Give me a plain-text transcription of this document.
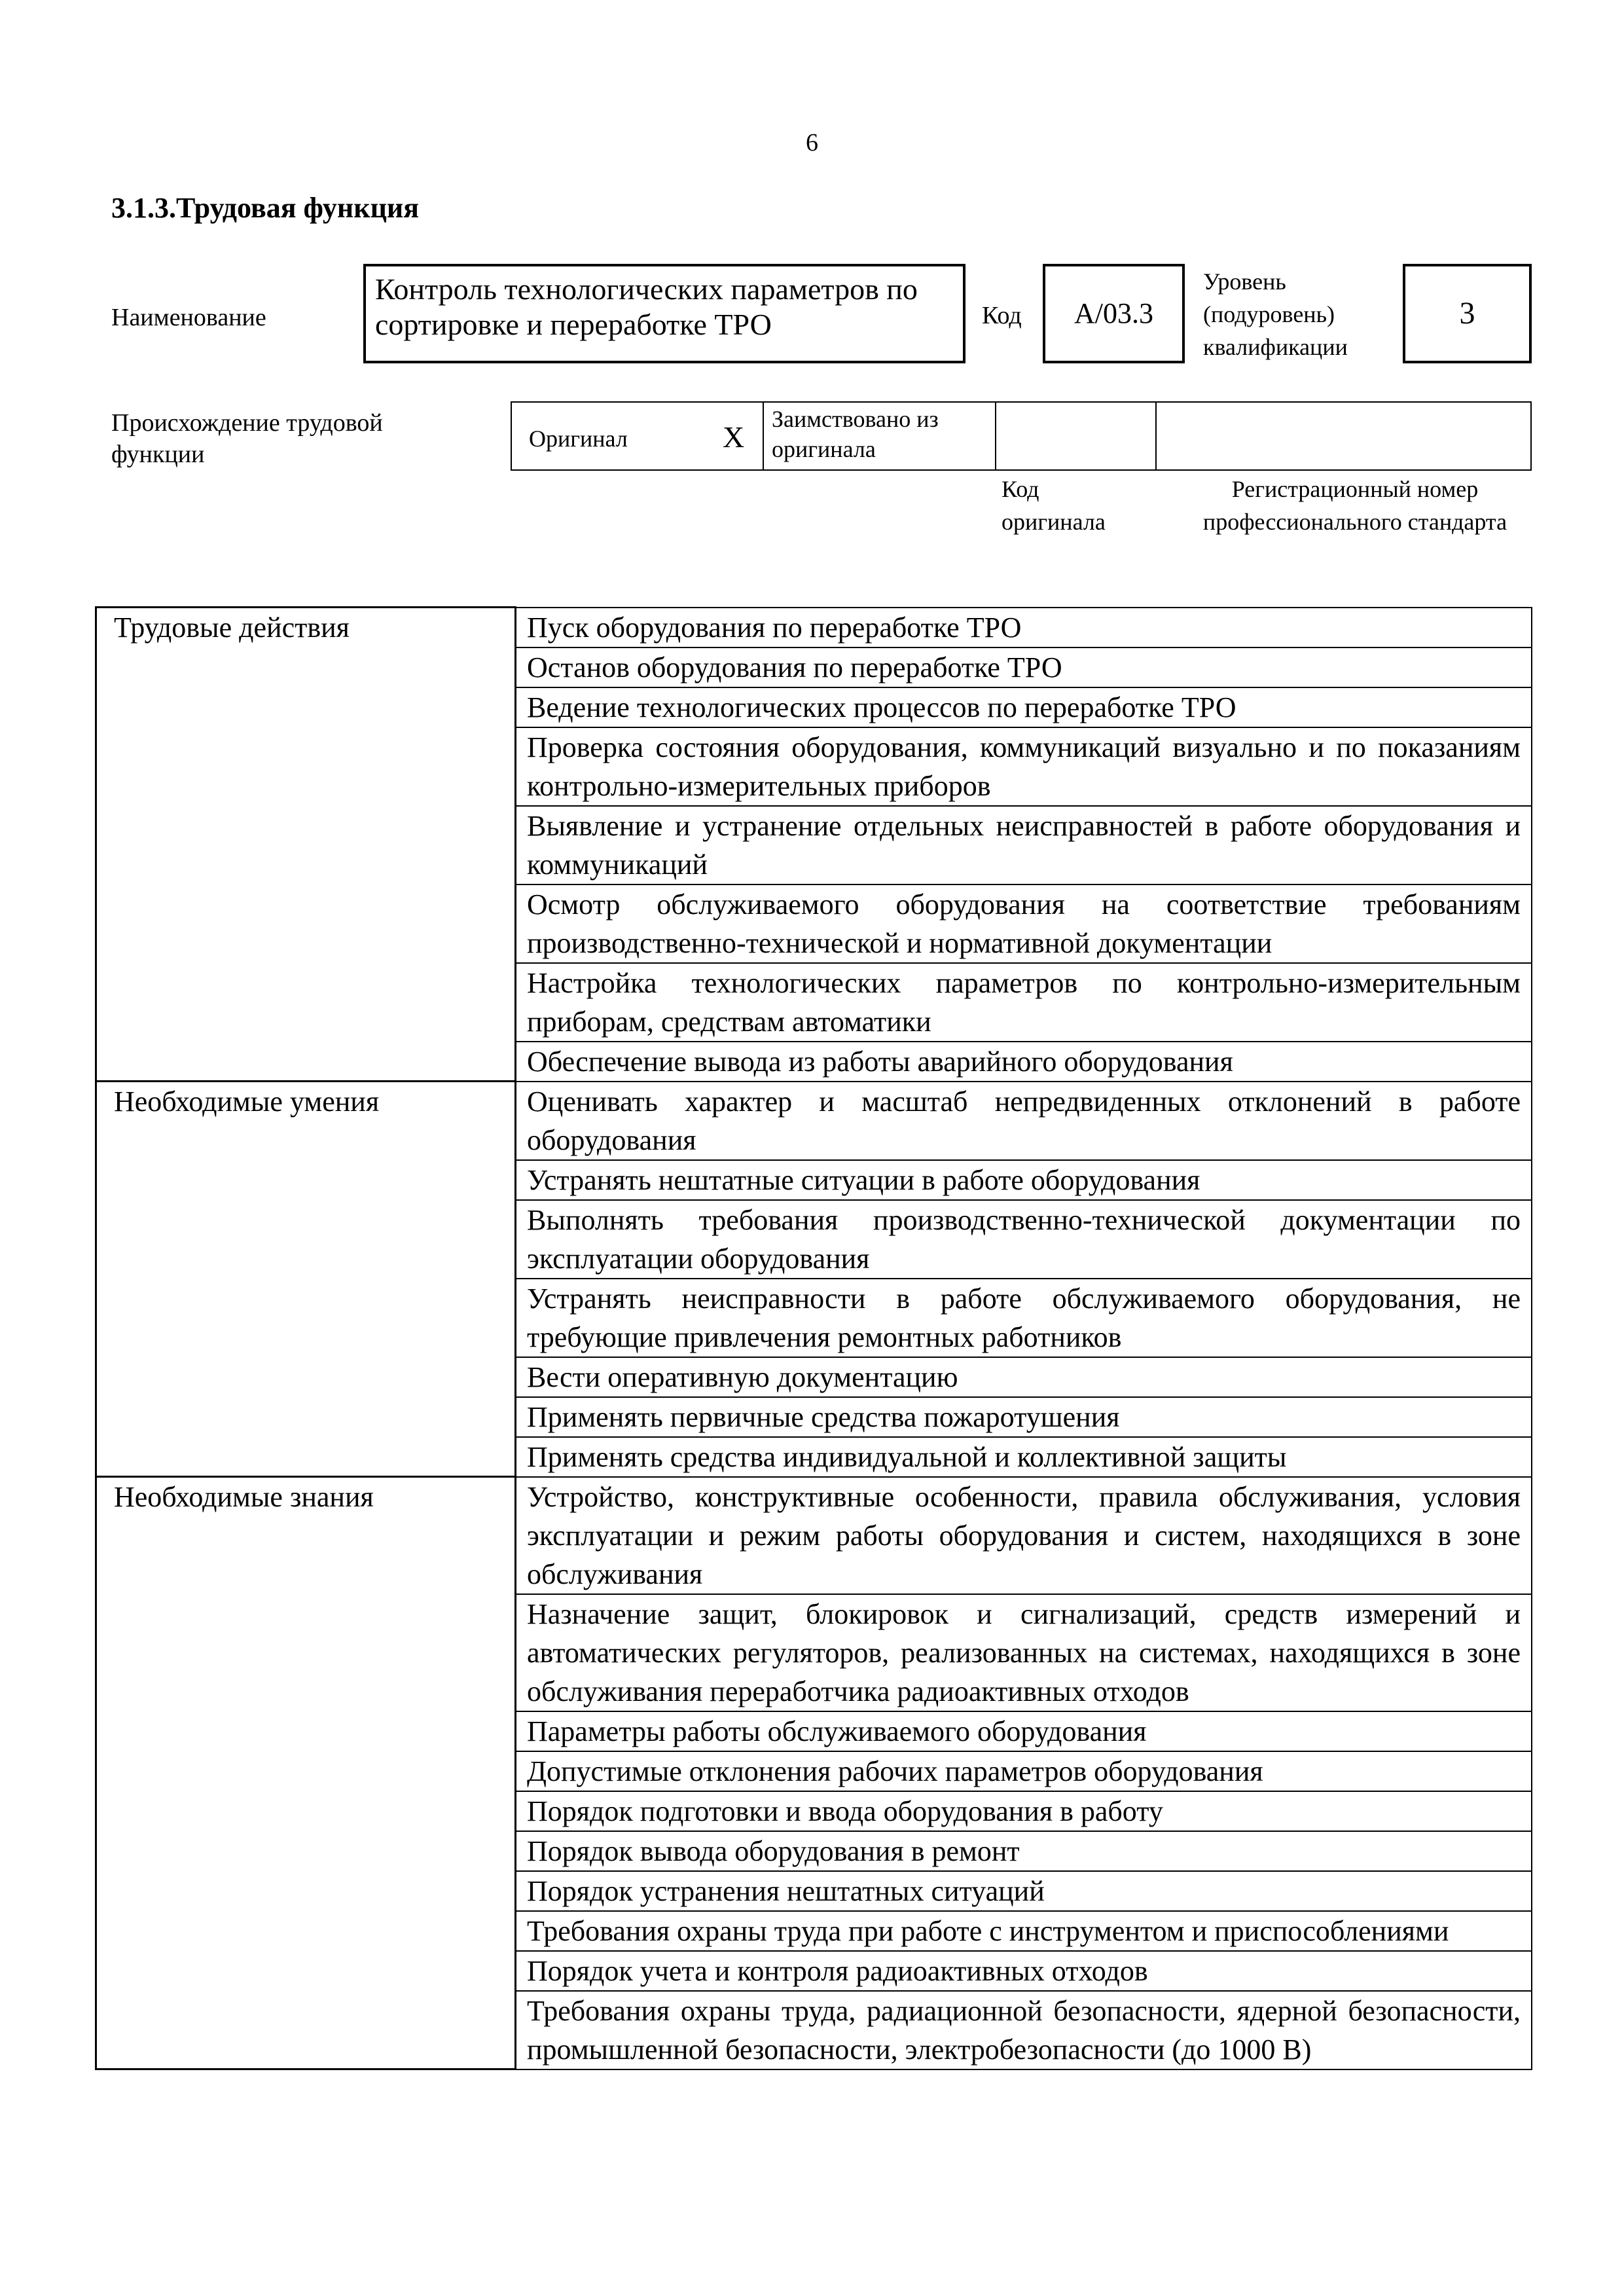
6
3.1.3.Трудовая функция
Наименование
Контроль технологических параметров по сортировке и переработке ТРО	Код	А/03.3
Уровень (подуровень) квалификации
3
Происхождение трудовой функции
Оригинал	X
Заимствовано из оригинала
Код оригинала
Регистрационный номер профессионального стандарта
Трудовые действия	Пуск оборудования по переработке ТРО
	Останов оборудования по переработке ТРО
	Ведение технологических процессов по переработке ТРО
	Проверка состояния оборудования, коммуникаций визуально и по показаниям контрольно-измерительных приборов
	Выявление и устранение отдельных неисправностей в работе оборудования и коммуникаций
	Осмотр обслуживаемого оборудования на соответствие требованиям производственно-технической и нормативной документации
	Настройка технологических параметров по контрольно-измерительным приборам, средствам автоматики
	Обеспечение вывода из работы аварийного оборудования
Необходимые умения	Оценивать характер и масштаб непредвиденных отклонений в работе оборудования
	Устранять нештатные ситуации в работе оборудования
	Выполнять требования производственно-технической документации по эксплуатации оборудования
	Устранять неисправности в работе обслуживаемого оборудования, не требующие привлечения ремонтных работников
	Вести оперативную документацию
	Применять первичные средства пожаротушения
	Применять средства индивидуальной и коллективной защиты
Необходимые знания	Устройство, конструктивные особенности, правила обслуживания, условия эксплуатации и режим работы оборудования и систем, находящихся в зоне обслуживания
	Назначение защит, блокировок и сигнализаций, средств измерений и автоматических регуляторов, реализованных на системах, находящихся в зоне обслуживания переработчика радиоактивных отходов
	Параметры работы обслуживаемого оборудования
	Допустимые отклонения рабочих параметров оборудования
	Порядок подготовки и ввода оборудования в работу
	Порядок вывода оборудования в ремонт
	Порядок устранения нештатных ситуаций
	Требования охраны труда при работе с инструментом и приспособлениями
	Порядок учета и контроля радиоактивных отходов
	Требования охраны труда, радиационной безопасности, ядерной безопасности, промышленной безопасности, электробезопасности (до 1000 В)
